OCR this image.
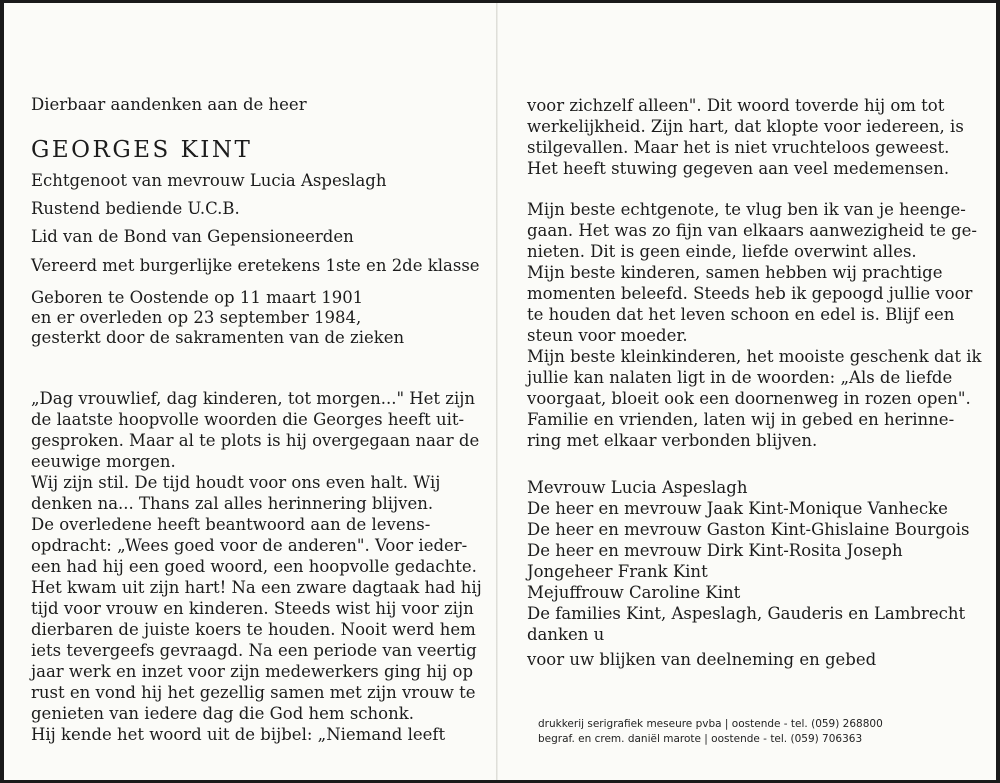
Dierbaar aandenken aan de heer
GEORGES KINT
Echtgenoot van mevrouw Lucia Aspeslagh
Rustend bediende U.C.B.
Lid van de Bond van Gepensioneerden
Vereerd met burgerlijke eretekens 1ste en 2de klasse
Geboren te Oostende op 11 maart 1901
en er overleden op 23 september 1984,
gesterkt door de sakramenten van de zieken
„Dag vrouwlief, dag kinderen, tot morgen..." Het zijn
de laatste hoopvolle woorden die Georges heeft uit-
gesproken. Maar al te plots is hij overgegaan naar de
eeuwige morgen.
Wij zijn stil. De tijd houdt voor ons even halt. Wij
denken na... Thans zal alles herinnering blijven.
De overledene heeft beantwoord aan de levens-
opdracht: „Wees goed voor de anderen". Voor ieder-
een had hij een goed woord, een hoopvolle gedachte.
Het kwam uit zijn hart! Na een zware dagtaak had hij
tijd voor vrouw en kinderen. Steeds wist hij voor zijn
dierbaren de juiste koers te houden. Nooit werd hem
iets tevergeefs gevraagd. Na een periode van veertig
jaar werk en inzet voor zijn medewerkers ging hij op
rust en vond hij het gezellig samen met zijn vrouw te
genieten van iedere dag die God hem schonk.
Hij kende het woord uit de bijbel: „Niemand leeft
voor zichzelf alleen". Dit woord toverde hij om tot
werkelijkheid. Zijn hart, dat klopte voor iedereen, is
stilgevallen. Maar het is niet vruchteloos geweest.
Het heeft stuwing gegeven aan veel medemensen.
Mijn beste echtgenote, te vlug ben ik van je heenge-
gaan. Het was zo fijn van elkaars aanwezigheid te ge-
nieten. Dit is geen einde, liefde overwint alles.
Mijn beste kinderen, samen hebben wij prachtige
momenten beleefd. Steeds heb ik gepoogd jullie voor
te houden dat het leven schoon en edel is. Blijf een
steun voor moeder.
Mijn beste kleinkinderen, het mooiste geschenk dat ik
jullie kan nalaten ligt in de woorden: „Als de liefde
voorgaat, bloeit ook een doornenweg in rozen open".
Familie en vrienden, laten wij in gebed en herinne-
ring met elkaar verbonden blijven.
Mevrouw Lucia Aspeslagh
De heer en mevrouw Jaak Kint-Monique Vanhecke
De heer en mevrouw Gaston Kint-Ghislaine Bourgois
De heer en mevrouw Dirk Kint-Rosita Joseph
Jongeheer Frank Kint
Mejuffrouw Caroline Kint
De families Kint, Aspeslagh, Gauderis en Lambrecht
danken u
voor uw blijken van deelneming en gebed
drukkerij serigrafiek meseure pvba | oostende - tel. (059) 268800
begraf. en crem. daniël marote | oostende - tel. (059) 706363
